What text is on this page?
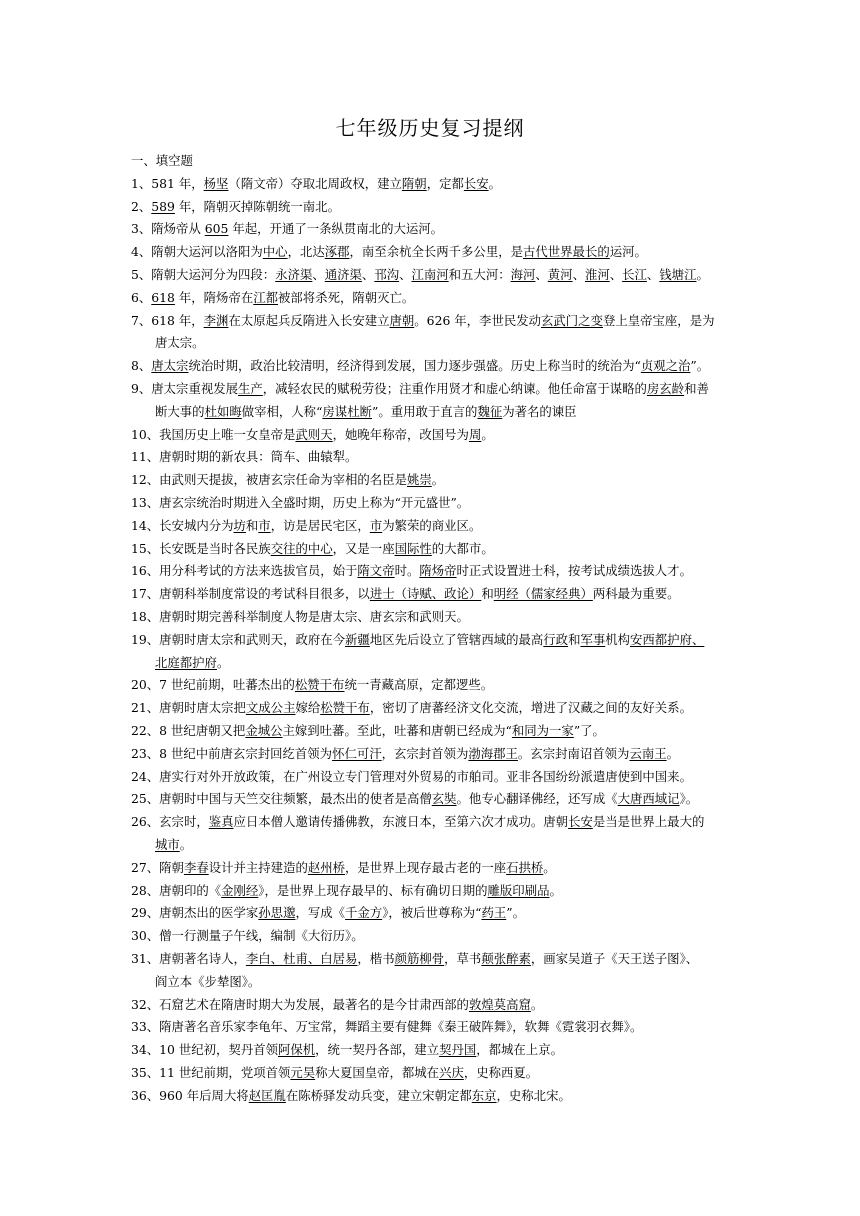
七年级历史复习提纲
一、填空题
1、581 年，杨坚（隋文帝）夺取北周政权，建立隋朝，定都长安。
2、589 年，隋朝灭掉陈朝统一南北。
3、隋炀帝从 605 年起，开通了一条纵贯南北的大运河。
4、隋朝大运河以洛阳为中心，北达涿郡，南至余杭全长两千多公里，是古代世界最长的运河。
5、隋朝大运河分为四段：永济渠、通济渠、邗沟、江南河和五大河：海河、黄河、淮河、长江、钱塘江。
6、618 年，隋炀帝在江都被部将杀死，隋朝灭亡。
7、618 年，李渊在太原起兵反隋进入长安建立唐朝。626 年，李世民发动玄武门之变登上皇帝宝座，是为
唐太宗。
8、唐太宗统治时期，政治比较清明，经济得到发展，国力逐步强盛。历史上称当时的统治为“贞观之治”。
9、唐太宗重视发展生产，减轻农民的赋税劳役；注重作用贤才和虚心纳谏。他任命富于谋略的房玄龄和善
断大事的杜如晦做宰相，人称“房谋杜断”。重用敢于直言的魏征为著名的谏臣
10、我国历史上唯一女皇帝是武则天，她晚年称帝，改国号为周。
11、唐朝时期的新农具：筒车、曲辕犁。
12、由武则天提拔，被唐玄宗任命为宰相的名臣是姚崇。
13、唐玄宗统治时期进入全盛时期，历史上称为“开元盛世”。
14、长安城内分为坊和市，访是居民宅区，市为繁荣的商业区。
15、长安既是当时各民族交往的中心，又是一座国际性的大都市。
16、用分科考试的方法来选拔官员，始于隋文帝时。隋炀帝时正式设置进士科，按考试成绩选拔人才。
17、唐朝科举制度常设的考试科目很多，以进士（诗赋、政论）和明经（儒家经典）两科最为重要。
18、唐朝时期完善科举制度人物是唐太宗、唐玄宗和武则天。
19、唐朝时唐太宗和武则天，政府在今新疆地区先后设立了管辖西域的最高行政和军事机构安西都护府、
北庭都护府。
20、7 世纪前期，吐蕃杰出的松赞干布统一青藏高原，定都逻些。
21、唐朝时唐太宗把文成公主嫁给松赞干布，密切了唐蕃经济文化交流，增进了汉藏之间的友好关系。
22、8 世纪唐朝又把金城公主嫁到吐蕃。至此，吐蕃和唐朝已经成为“和同为一家”了。
23、8 世纪中前唐玄宗封回纥首领为怀仁可汗，玄宗封首领为渤海郡王。玄宗封南诏首领为云南王。
24、唐实行对外开放政策，在广州设立专门管理对外贸易的市舶司。亚非各国纷纷派遣唐使到中国来。
25、唐朝时中国与天竺交往频繁，最杰出的使者是高僧玄奘。他专心翻译佛经，还写成《大唐西域记》。
26、玄宗时，鉴真应日本僧人邀请传播佛教，东渡日本，至第六次才成功。唐朝长安是当是世界上最大的
城市。
27、隋朝李春设计并主持建造的赵州桥，是世界上现存最古老的一座石拱桥。
28、唐朝印的《金刚经》，是世界上现存最早的、标有确切日期的雕版印刷品。
29、唐朝杰出的医学家孙思邈，写成《千金方》，被后世尊称为“药王”。
30、僧一行测量子午线，编制《大衍历》。
31、唐朝著名诗人，李白、杜甫、白居易，楷书颜筋柳骨，草书颠张醉素，画家吴道子《天王送子图》、
阎立本《步辇图》。
32、石窟艺术在隋唐时期大为发展，最著名的是今甘肃西部的敦煌莫高窟。
33、隋唐著名音乐家李龟年、万宝常，舞蹈主要有健舞《秦王破阵舞》，软舞《霓裳羽衣舞》。
34、10 世纪初，契丹首领阿保机，统一契丹各部，建立契丹国，都城在上京。
35、11 世纪前期，党项首领元昊称大夏国皇帝，都城在兴庆，史称西夏。
36、960 年后周大将赵匡胤在陈桥驿发动兵变，建立宋朝定都东京，史称北宋。
